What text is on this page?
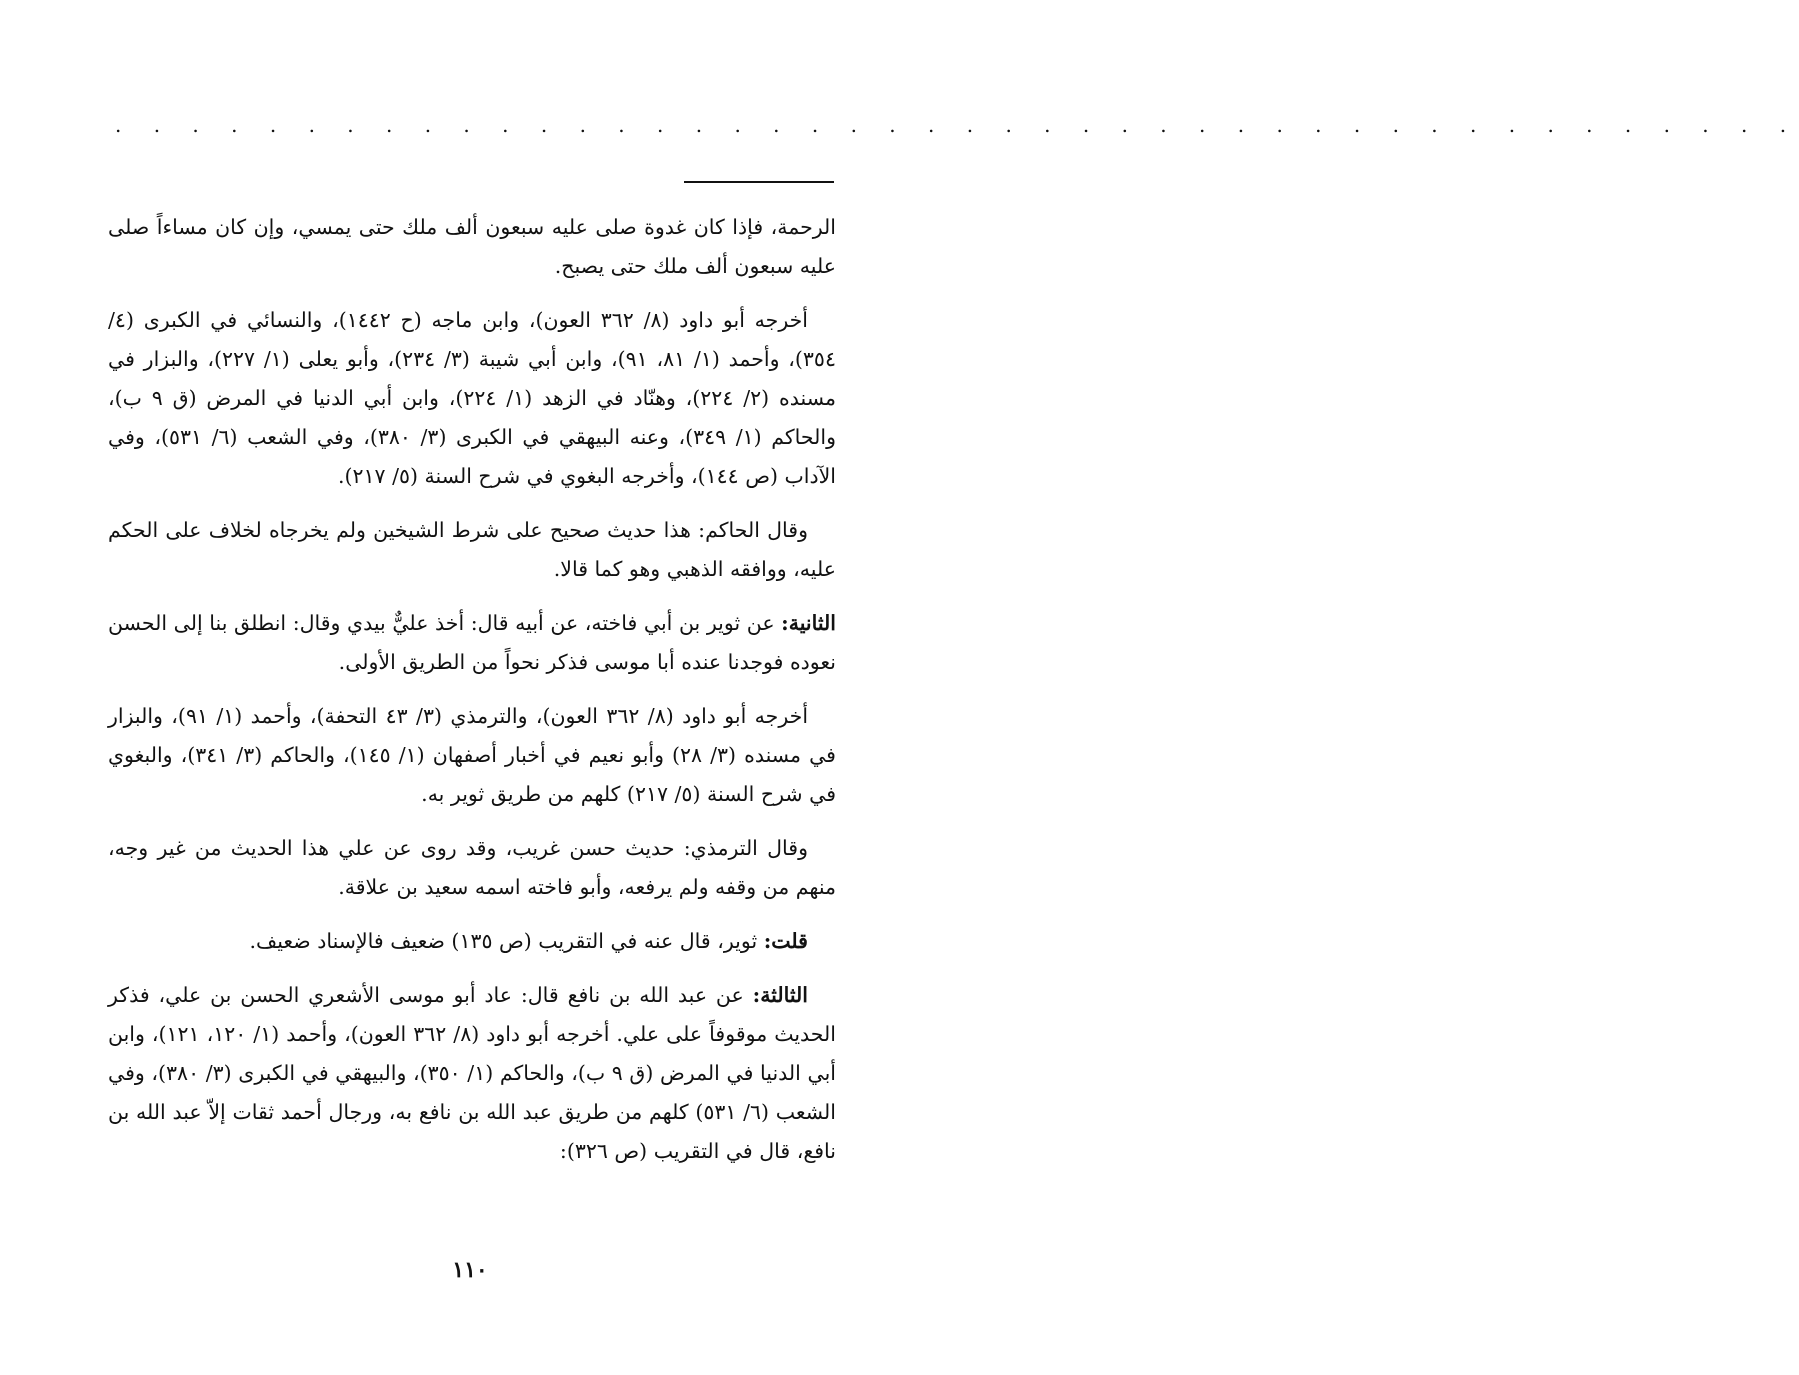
. . . . . . . . . . . . . . . . . . . . . . . . . . . . . . . . . . . . . . . . . . . .

الرحمة، فإذا كان غدوة صلى عليه سبعون ألف ملك حتى يمسي، وإن كان مساءاً صلى عليه سبعون ألف ملك حتى يصبح.

أخرجه أبو داود (٨/ ٣٦٢ العون)، وابن ماجه (ح ١٤٤٢)، والنسائي في الكبرى (٤/ ٣٥٤)، وأحمد (١/ ٨١، ٩١)، وابن أبي شيبة (٣/ ٢٣٤)، وأبو يعلى (١/ ٢٢٧)، والبزار في مسنده (٢/ ٢٢٤)، وهنّاد في الزهد (١/ ٢٢٤)، وابن أبي الدنيا في المرض (ق ٩ ب)، والحاكم (١/ ٣٤٩)، وعنه البيهقي في الكبرى (٣/ ٣٨٠)، وفي الشعب (٦/ ٥٣١)، وفي الآداب (ص ١٤٤)، وأخرجه البغوي في شرح السنة (٥/ ٢١٧).

وقال الحاكم: هذا حديث صحيح على شرط الشيخين ولم يخرجاه لخلاف على الحكم عليه، ووافقه الذهبي وهو كما قالا.

الثانية: عن ثوير بن أبي فاخته، عن أبيه قال: أخذ عليٌّ بيدي وقال: انطلق بنا إلى الحسن نعوده فوجدنا عنده أبا موسى فذكر نحواً من الطريق الأولى.

أخرجه أبو داود (٨/ ٣٦٢ العون)، والترمذي (٣/ ٤٣ التحفة)، وأحمد (١/ ٩١)، والبزار في مسنده (٣/ ٢٨) وأبو نعيم في أخبار أصفهان (١/ ١٤٥)، والحاكم (٣/ ٣٤١)، والبغوي في شرح السنة (٥/ ٢١٧) كلهم من طريق ثوير به.

وقال الترمذي: حديث حسن غريب، وقد روى عن علي هذا الحديث من غير وجه، منهم من وقفه ولم يرفعه، وأبو فاخته اسمه سعيد بن علاقة.

قلت: ثوير، قال عنه في التقريب (ص ١٣٥) ضعيف فالإسناد ضعيف.

الثالثة: عن عبد الله بن نافع قال: عاد أبو موسى الأشعري الحسن بن علي، فذكر الحديث موقوفاً على علي. أخرجه أبو داود (٨/ ٣٦٢ العون)، وأحمد (١/ ١٢٠، ١٢١)، وابن أبي الدنيا في المرض (ق ٩ ب)، والحاكم (١/ ٣٥٠)، والبيهقي في الكبرى (٣/ ٣٨٠)، وفي الشعب (٦/ ٥٣١) كلهم من طريق عبد الله بن نافع به، ورجال أحمد ثقات إلاّ عبد الله بن نافع، قال في التقريب (ص ٣٢٦):

١١٠
